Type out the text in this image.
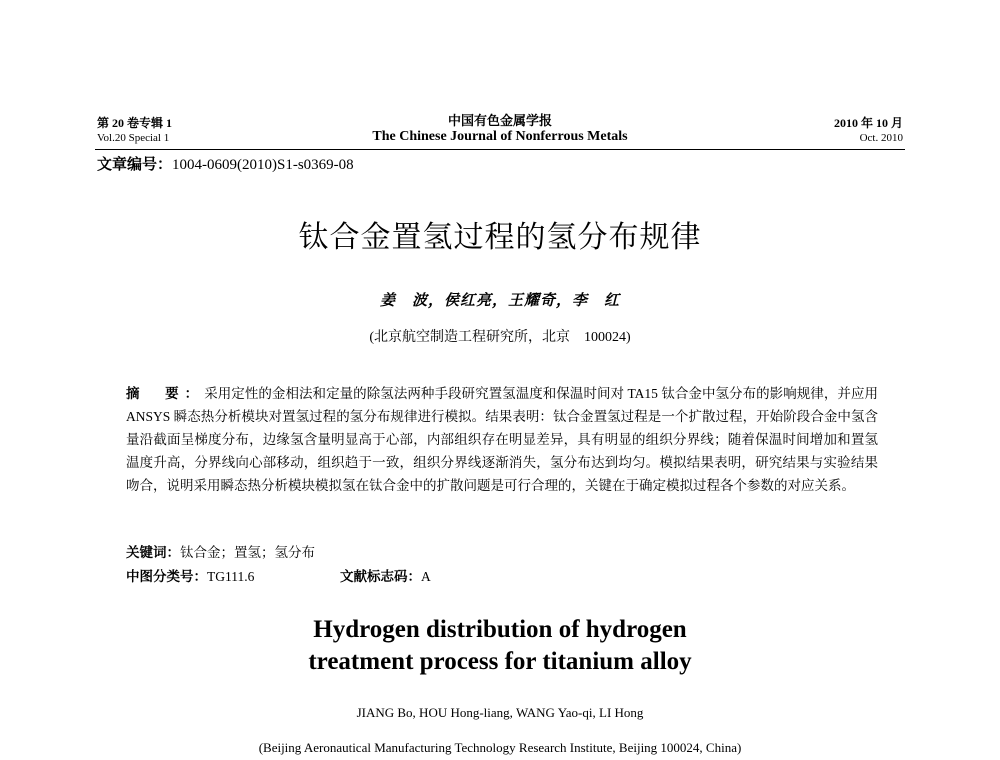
第 20 卷专辑 1
Vol.20 Special 1
中国有色金属学报
The Chinese Journal of Nonferrous Metals
2010 年 10 月
Oct. 2010
文章编号：1004-0609(2010)S1-s0369-08
钛合金置氢过程的氢分布规律
姜　波，侯红亮，王耀奇，李　红
(北京航空制造工程研究所，北京　100024)
摘　要：采用定性的金相法和定量的除氢法两种手段研究置氢温度和保温时间对 TA15 钛合金中氢分布的影响规律，并应用 ANSYS 瞬态热分析模块对置氢过程的氢分布规律进行模拟。结果表明：钛合金置氢过程是一个扩散过程，开始阶段合金中氢含量沿截面呈梯度分布，边缘氢含量明显高于心部，内部组织存在明显差异，具有明显的组织分界线；随着保温时间增加和置氢温度升高，分界线向心部移动，组织趋于一致，组织分界线逐渐消失，氢分布达到均匀。模拟结果表明，研究结果与实验结果吻合，说明采用瞬态热分析模块模拟氢在钛合金中的扩散问题是可行合理的，关键在于确定模拟过程各个参数的对应关系。
关键词：钛合金；置氢；氢分布
中图分类号：TG111.6	文献标志码：A
Hydrogen distribution of hydrogen
treatment process for titanium alloy
JIANG Bo, HOU Hong-liang, WANG Yao-qi, LI Hong
(Beijing Aeronautical Manufacturing Technology Research Institute, Beijing 100024, China)
